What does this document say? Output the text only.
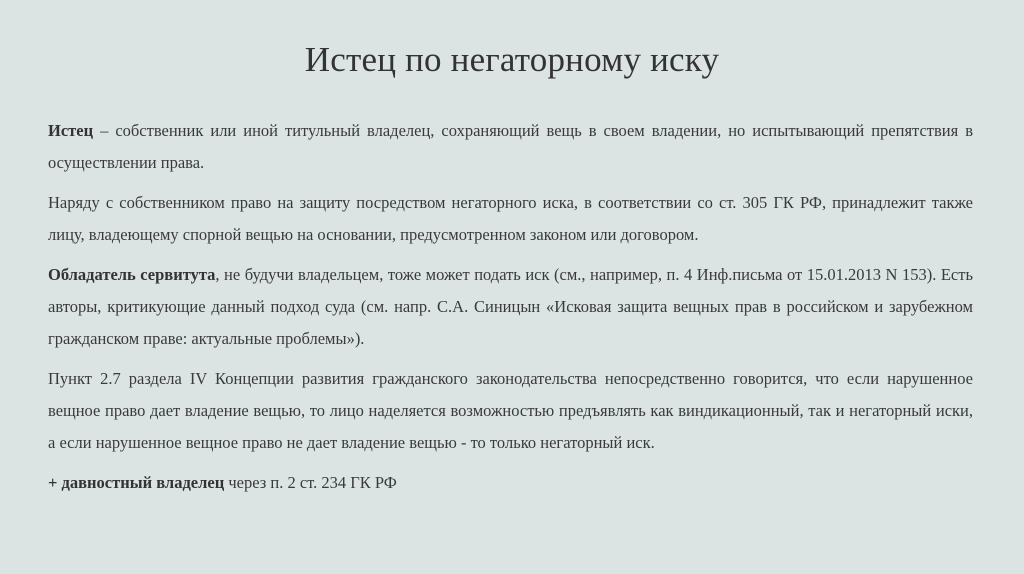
Истец по негаторному иску

Истец – собственник или иной титульный владелец, сохраняющий вещь в своем владении, но испытывающий препятствия в осуществлении права.

Наряду с собственником право на защиту посредством негаторного иска, в соответствии со ст. 305 ГК РФ, принадлежит также лицу, владеющему спорной вещью на основании, предусмотренном законом или договором.

Обладатель сервитута, не будучи владельцем, тоже может подать иск (см., например, п. 4 Инф.письма от 15.01.2013 N 153). Есть авторы, критикующие данный подход суда (см. напр. С.А. Синицын «Исковая защита вещных прав в российском и зарубежном гражданском праве: актуальные проблемы»).

Пункт 2.7 раздела IV Концепции развития гражданского законодательства непосредственно говорится, что если нарушенное вещное право дает владение вещью, то лицо наделяется возможностью предъявлять как виндикационный, так и негаторный иски, а если нарушенное вещное право не дает владение вещью - то только негаторный иск.

+ давностный владелец через п. 2 ст. 234 ГК РФ
